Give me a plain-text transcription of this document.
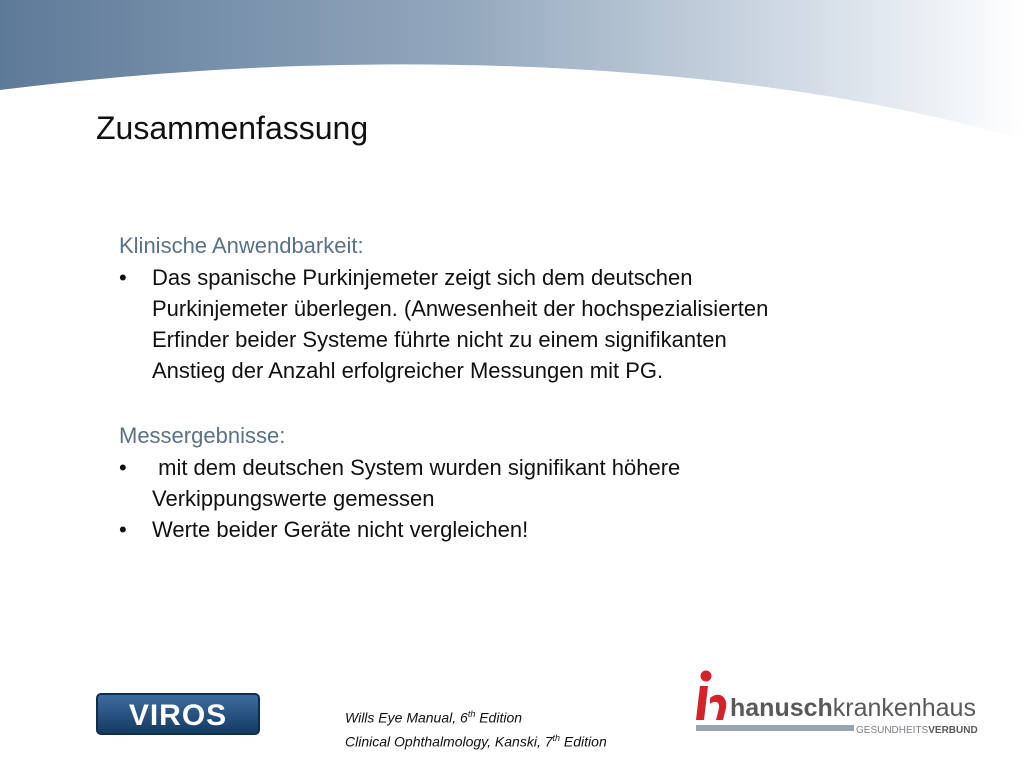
Zusammenfassung

Klinische Anwendbarkeit:

• Das spanische Purkinjemeter zeigt sich dem deutschen
Purkinjemeter überlegen. (Anwesenheit der hochspezialisierten
Erfinder beider Systeme führte nicht zu einem signifikanten
Anstieg der Anzahl erfolgreicher Messungen mit PG.

Messergebnisse:

• mit dem deutschen System wurden signifikant höhere
Verkippungswerte gemessen
• Werte beider Geräte nicht vergleichen!
VIROS	Wills Eye Manual, 6th Edition
Clinical Ophthalmology, Kanski, 7th Edition
hanuschkrankenhaus
GESUNDHEITSVERBUND
